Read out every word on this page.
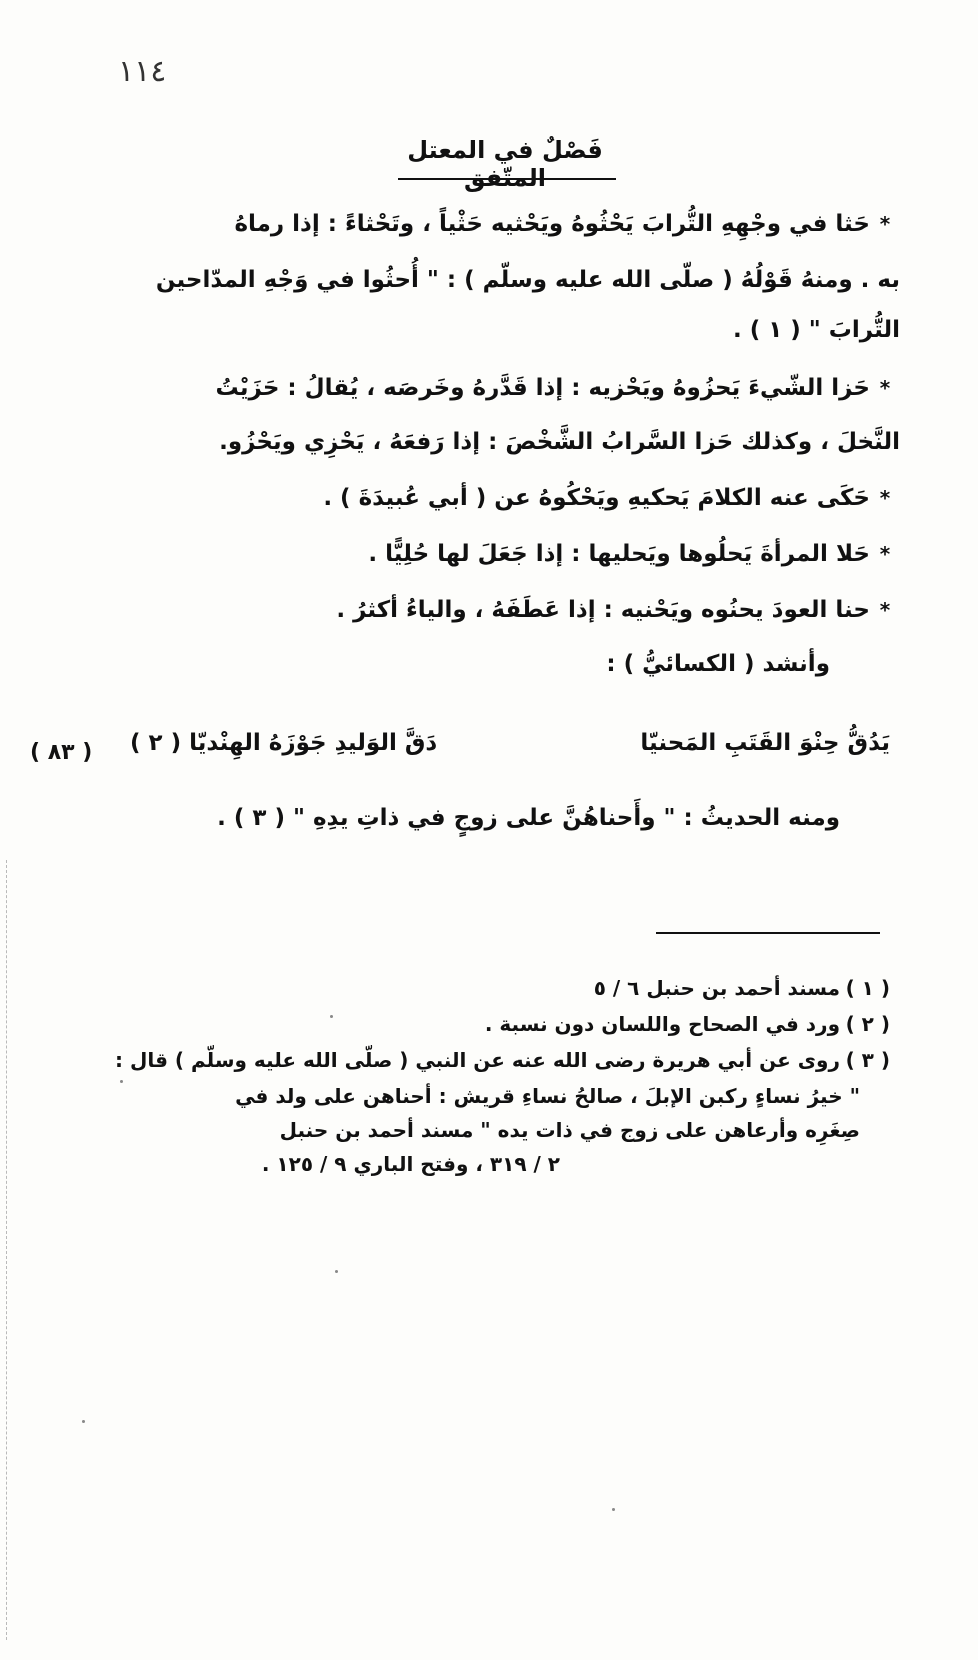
١١٤
فَصْلٌ في المعتل المتّفق
*حَثا في وجْهِهِ التُّرابَ يَحْثُوهُ ويَحْثيه حَثْياً ، وتَحْثاءً : إذا رماهُ
به . ومنهُ قَوْلُهُ ( صلّى الله عليه وسلّم ) : " أُحثُوا في وَجْهِ المدّاحين
التُّرابَ " ( ١ ) .
*حَزا الشّيءَ يَحزُوهُ ويَحْزيه : إذا قَدَّرهُ وخَرصَه ، يُقالُ : حَزَيْتُ
النَّخلَ ، وكذلك حَزا السَّرابُ الشَّخْصَ : إذا رَفعَهُ ، يَحْزِي ويَحْزُو.
*حَكَى عنه الكلامَ يَحكيهِ ويَحْكُوهُ عن ( أبي عُبيدَةَ ) .
*حَلا المرأةَ يَحلُوها ويَحليها : إذا جَعَلَ لها حُلِيًّا .
*حنا العودَ يحنُوه ويَحْنيه : إذا عَطَفَهُ ، والياءُ أكثرُ .
وأنشد ( الكسائيُّ ) :
يَدُقُّ حِنْوَ القَتَبِ المَحنيّا
دَقَّ الوَليدِ جَوْزَهُ الهِنْديّا ( ٢ )
( ٨٣ )
ومنه الحديثُ : " وأَحناهُنَّ على زوجٍ في ذاتِ يدِهِ " ( ٣ ) .
( ١ )مسند أحمد بن حنبل ٦ / ٥
( ٢ )ورد في الصحاح واللسان دون نسبة .
( ٣ )روى عن أبي هريرة رضى الله عنه عن النبي ( صلّى الله عليه وسلّم ) قال :
" خيرُ نساءٍ ركبن الإبلَ ، صالحُ نساءِ قريش : أحناهن على ولد في
صِغَرِه وأرعاهن على زوج في ذات يده " مسند أحمد بن حنبل
٢ / ٣١٩ ، وفتح الباري ٩ / ١٢٥ .
